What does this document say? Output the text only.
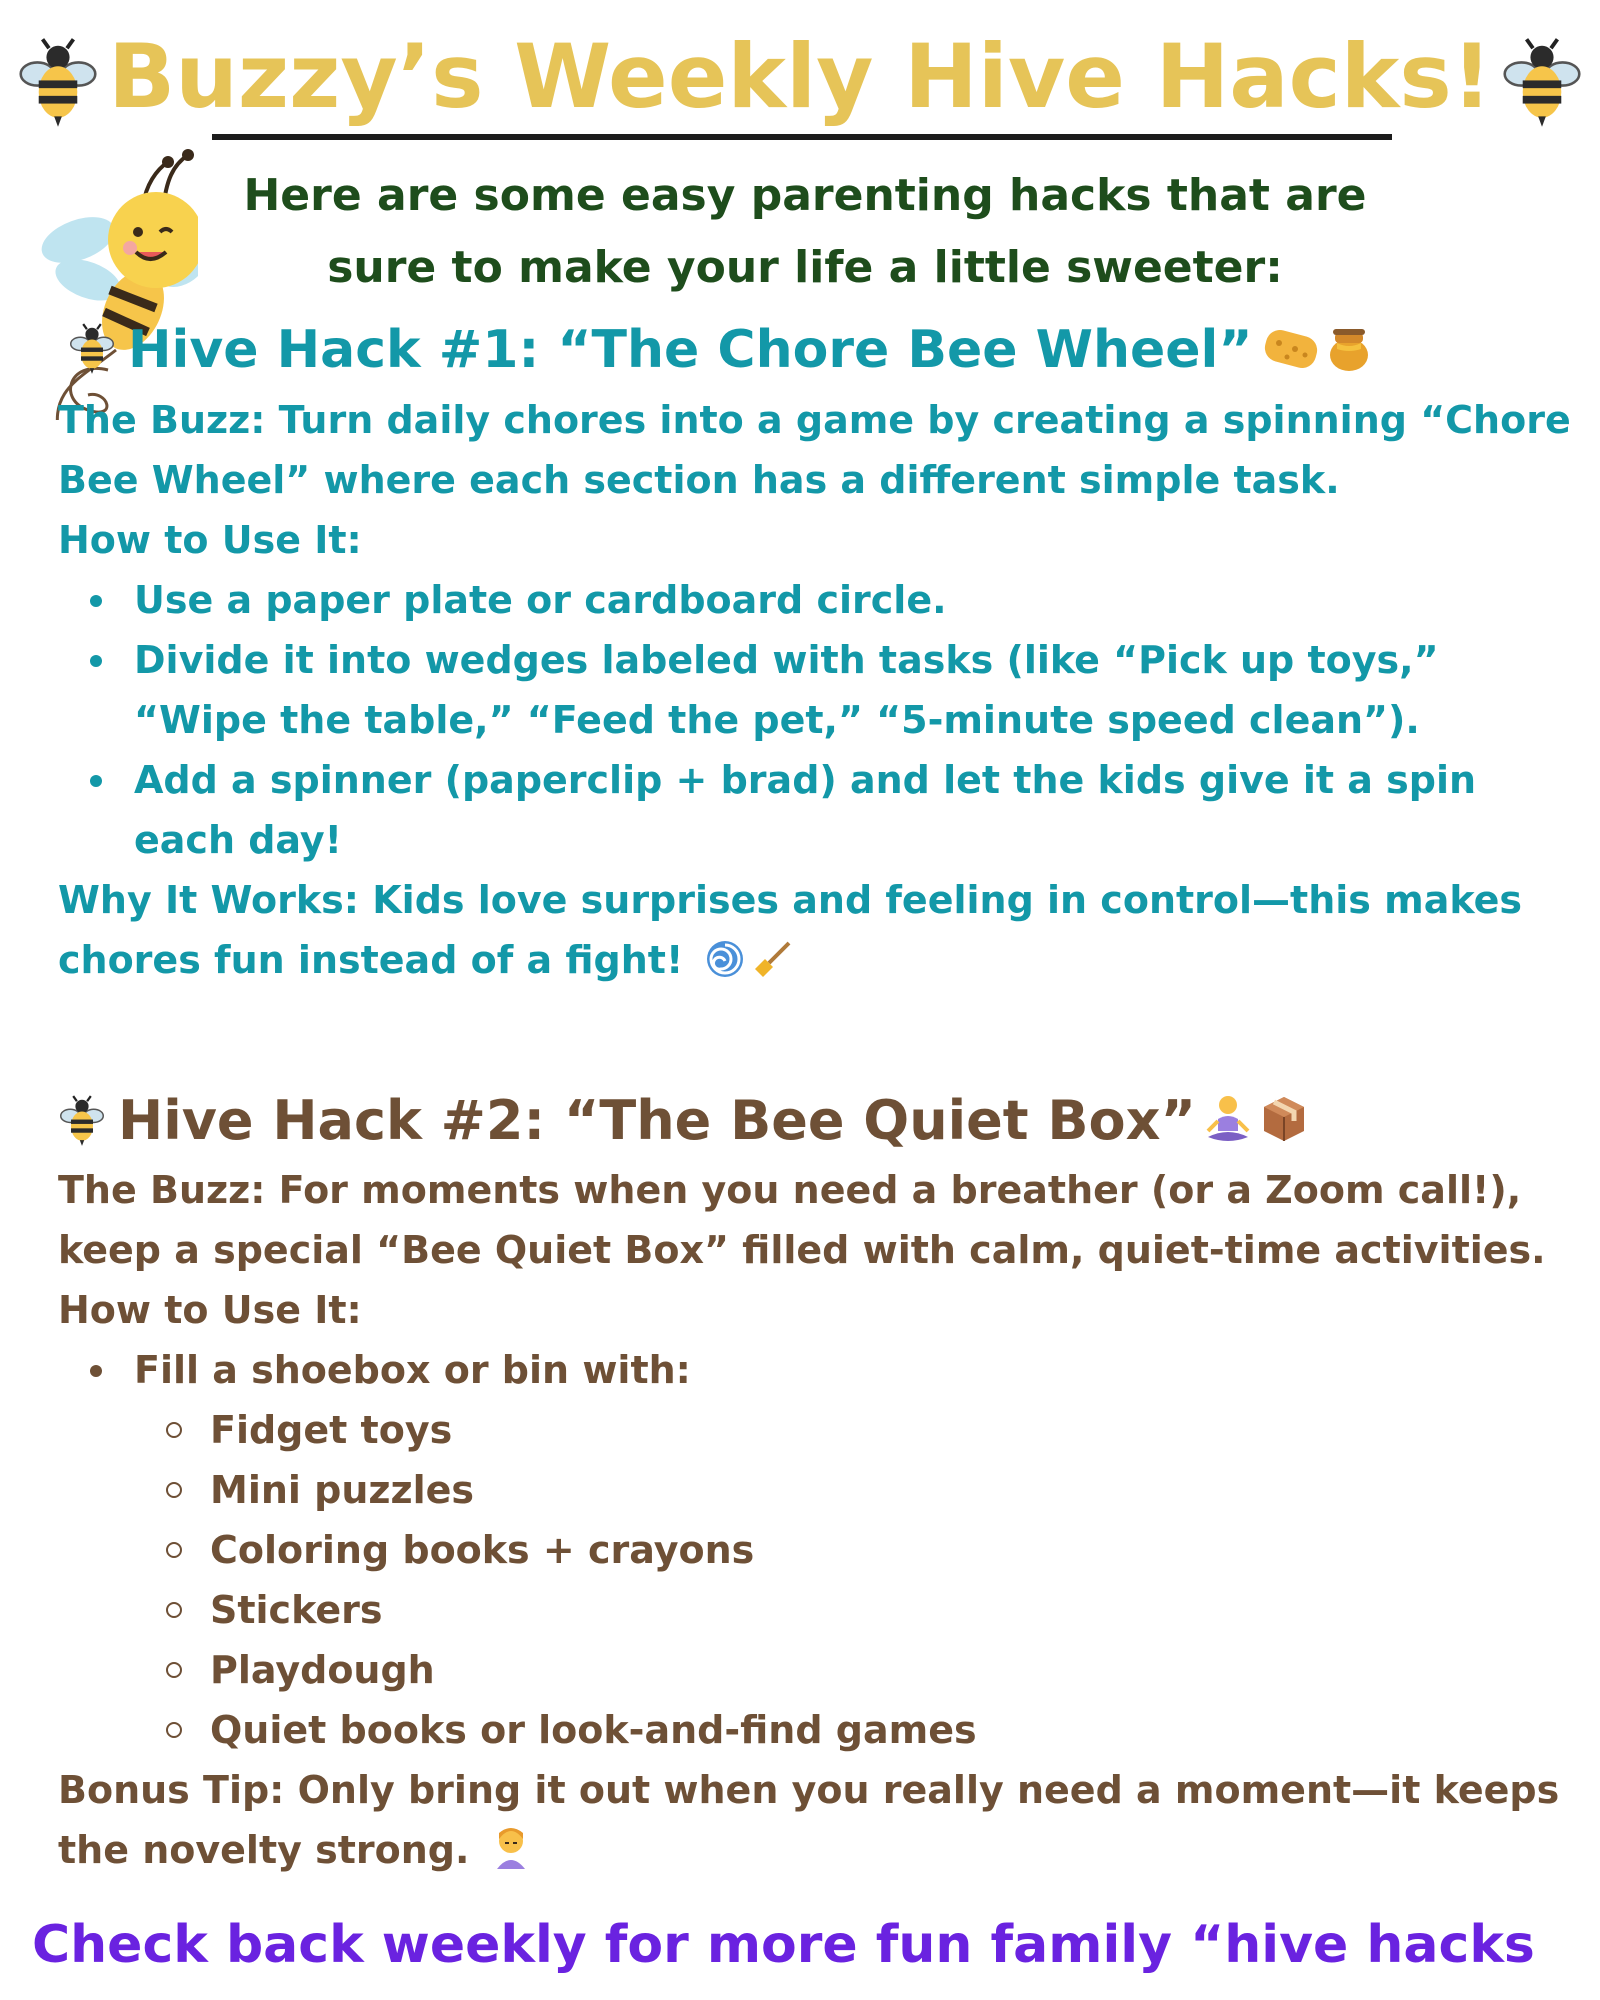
Buzzy’s Weekly Hive Hacks!
Here are some easy parenting hacks that are
sure to make your life a little sweeter:
Hive Hack #1: “The Chore Bee Wheel”

The Buzz: Turn daily chores into a game by creating a spinning “Chore Bee Wheel” where each section has a different simple task.

How to Use It:

Use a paper plate or cardboard circle.
Divide it into wedges labeled with tasks (like “Pick up toys,” “Wipe the table,” “Feed the pet,” “5-minute speed clean”).
Add a spinner (paperclip + brad) and let the kids give it a spin each day!

Why It Works: Kids love surprises and feeling in control—this makes chores fun instead of a fight!

Hive Hack #2: “The Bee Quiet Box”

The Buzz: For moments when you need a breather (or a Zoom call!), keep a special “Bee Quiet Box” filled with calm, quiet-time activities.

How to Use It:

Fill a shoebox or bin with:
Fidget toys
Mini puzzles
Coloring books + crayons
Stickers
Playdough
Quiet books or look-and-find games

Bonus Tip: Only bring it out when you really need a moment—it keeps the novelty strong.

Check back weekly for more fun family “hive hacks
